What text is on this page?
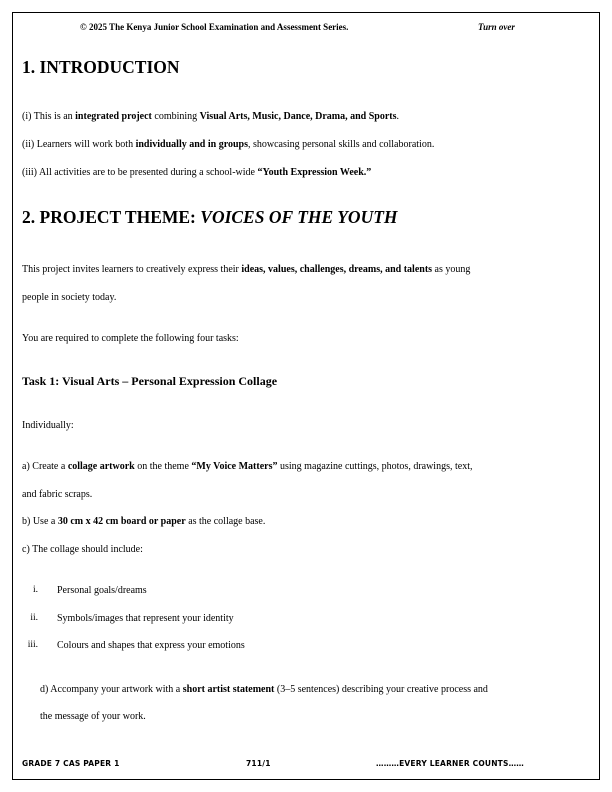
© 2025 The Kenya Junior School Examination and Assessment Series.	Turn over
1. INTRODUCTION
(i) This is an integrated project combining Visual Arts, Music, Dance, Drama, and Sports.
(ii) Learners will work both individually and in groups, showcasing personal skills and collaboration.
(iii) All activities are to be presented during a school-wide “Youth Expression Week.”
2. PROJECT THEME: VOICES OF THE YOUTH
This project invites learners to creatively express their ideas, values, challenges, dreams, and talents as young
people in society today.
You are required to complete the following four tasks:
Task 1: Visual Arts – Personal Expression Collage
Individually:
a) Create a collage artwork on the theme “My Voice Matters” using magazine cuttings, photos, drawings, text,
and fabric scraps.
b) Use a 30 cm x 42 cm board or paper as the collage base.
c) The collage should include:
i. Personal goals/dreams
ii. Symbols/images that represent your identity
iii. Colours and shapes that express your emotions
d) Accompany your artwork with a short artist statement (3–5 sentences) describing your creative process and
the message of your work.
GRADE 7 CAS PAPER 1	711/1	………EVERY LEARNER COUNTS……
